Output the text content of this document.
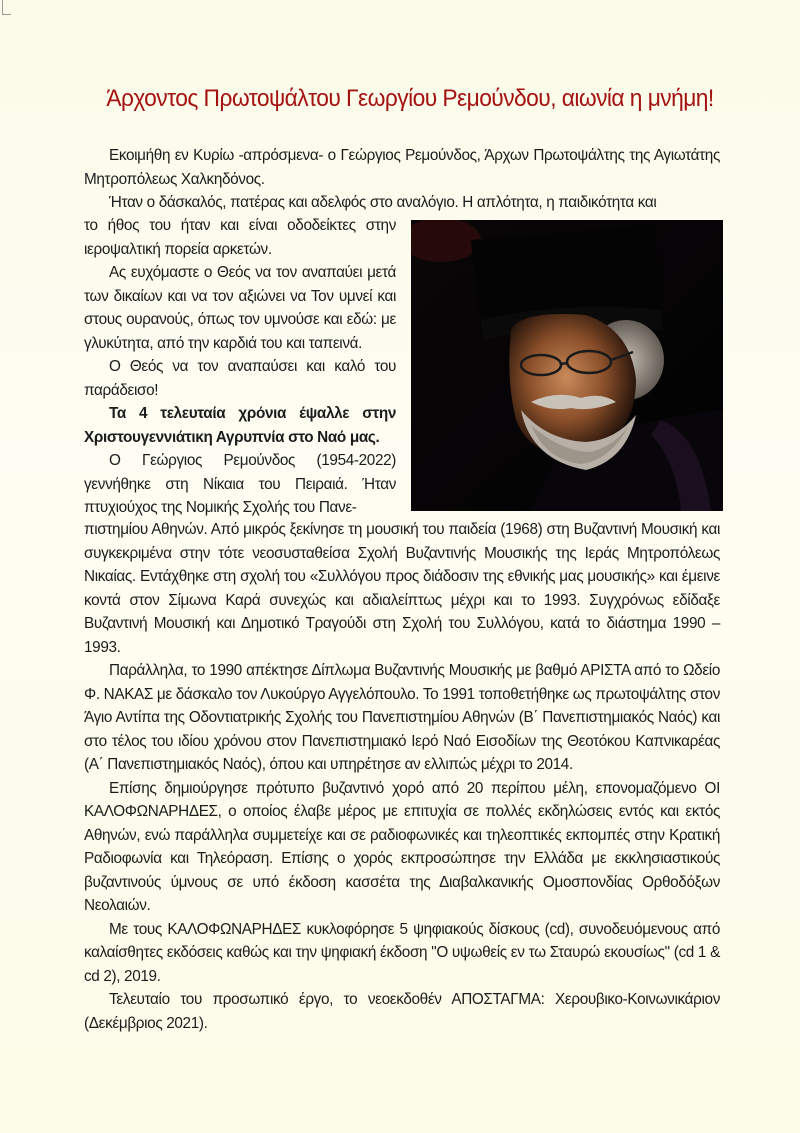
Άρχοντος Πρωτοψάλτου Γεωργίου Ρεμούνδου, αιωνία η μνήμη!

Εκοιμήθη εν Κυρίω -απρόσμενα- ο Γεώργιος Ρεμούνδος, Άρχων Πρωτοψάλτης της Αγιωτάτης Μητροπόλεως Χαλκηδόνος.

Ήταν ο δάσκαλός, πατέρας και αδελφός στο αναλόγιο. Η απλότητα, η παιδικότητα και

το ήθος του ήταν και είναι οδοδείκτες στην ιεροψαλτική πορεία αρκετών.

Ας ευχόμαστε ο Θεός να τον αναπαύει μετά των δικαίων και να τον αξιώνει να Τον υμνεί και στους ουρανούς, όπως τον υμνούσε και εδώ: με γλυκύτητα, από την καρδιά του και ταπεινά.

Ο Θεός να τον αναπαύσει και καλό του παράδεισο!

Τα 4 τελευταία χρόνια έψαλλε στην Χριστουγεννιάτικη Αγρυπνία στο Ναό μας.

Ο Γεώργιος Ρεμούνδος (1954-2022) γεννήθηκε στη Νίκαια του Πειραιά. Ήταν πτυχιούχος της Νομικής Σχολής του Πανε-

πιστημίου Αθηνών. Από μικρός ξεκίνησε τη μουσική του παιδεία (1968) στη Βυζαντινή Μουσική και συγκεκριμένα στην τότε νεοσυσταθείσα Σχολή Βυζαντινής Μουσικής της Ιεράς Μητροπόλεως Νικαίας. Εντάχθηκε στη σχολή του «Συλλόγου προς διάδοσιν της εθνικής μας μουσικής» και έμεινε κοντά στον Σίμωνα Καρά συνεχώς και αδιαλείπτως μέχρι και το 1993. Συγχρόνως εδίδαξε Βυζαντινή Μουσική και Δημοτικό Τραγούδι στη Σχολή του Συλλόγου, κατά το διάστημα 1990 – 1993.

Παράλληλα, το 1990 απέκτησε Δίπλωμα Βυζαντινής Μουσικής με βαθμό ΑΡΙΣΤΑ από το Ωδείο Φ. ΝΑΚΑΣ με δάσκαλο τον Λυκούργο Αγγελόπουλο. Το 1991 τοποθετήθηκε ως πρωτοψάλτης στον Άγιο Αντίπα της Οδοντιατρικής Σχολής του Πανεπιστημίου Αθηνών (Β΄ Πανεπιστημιακός Ναός) και στο τέλος του ιδίου χρόνου στον Πανεπιστημιακό Ιερό Ναό Εισοδίων της Θεοτόκου Καπνικαρέας (Α΄ Πανεπιστημιακός Ναός), όπου και υπηρέτησε αν ελλιπώς μέχρι το 2014.

Επίσης δημιούργησε πρότυπο βυζαντινό χορό από 20 περίπου μέλη, επονομαζόμενο ΟΙ ΚΑΛΟΦΩΝΑΡΗΔΕΣ, ο οποίος έλαβε μέρος με επιτυχία σε πολλές εκδηλώσεις εντός και εκτός Αθηνών, ενώ παράλληλα συμμετείχε και σε ραδιοφωνικές και τηλεοπτικές εκπομπές στην Κρατική Ραδιοφωνία και Τηλεόραση. Επίσης ο χορός εκπροσώπησε την Ελλάδα με εκκλησιαστικούς βυζαντινούς ύμνους σε υπό έκδοση κασσέτα της Διαβαλκανικής Ομοσπονδίας Ορθοδόξων Νεολαιών.

Με τους ΚΑΛΟΦΩΝΑΡΗΔΕΣ κυκλοφόρησε 5 ψηφιακούς δίσκους (cd), συνοδευόμενους από καλαίσθητες εκδόσεις καθώς και την ψηφιακή έκδοση "Ο υψωθείς εν τω Σταυρώ εκουσίως" (cd 1 & cd 2), 2019.

Τελευταίο του προσωπικό έργο, το νεοεκδοθέν ΑΠΟΣΤΑΓΜΑ: Χερουβικο-Κοινωνικάριον (Δεκέμβριος 2021).
